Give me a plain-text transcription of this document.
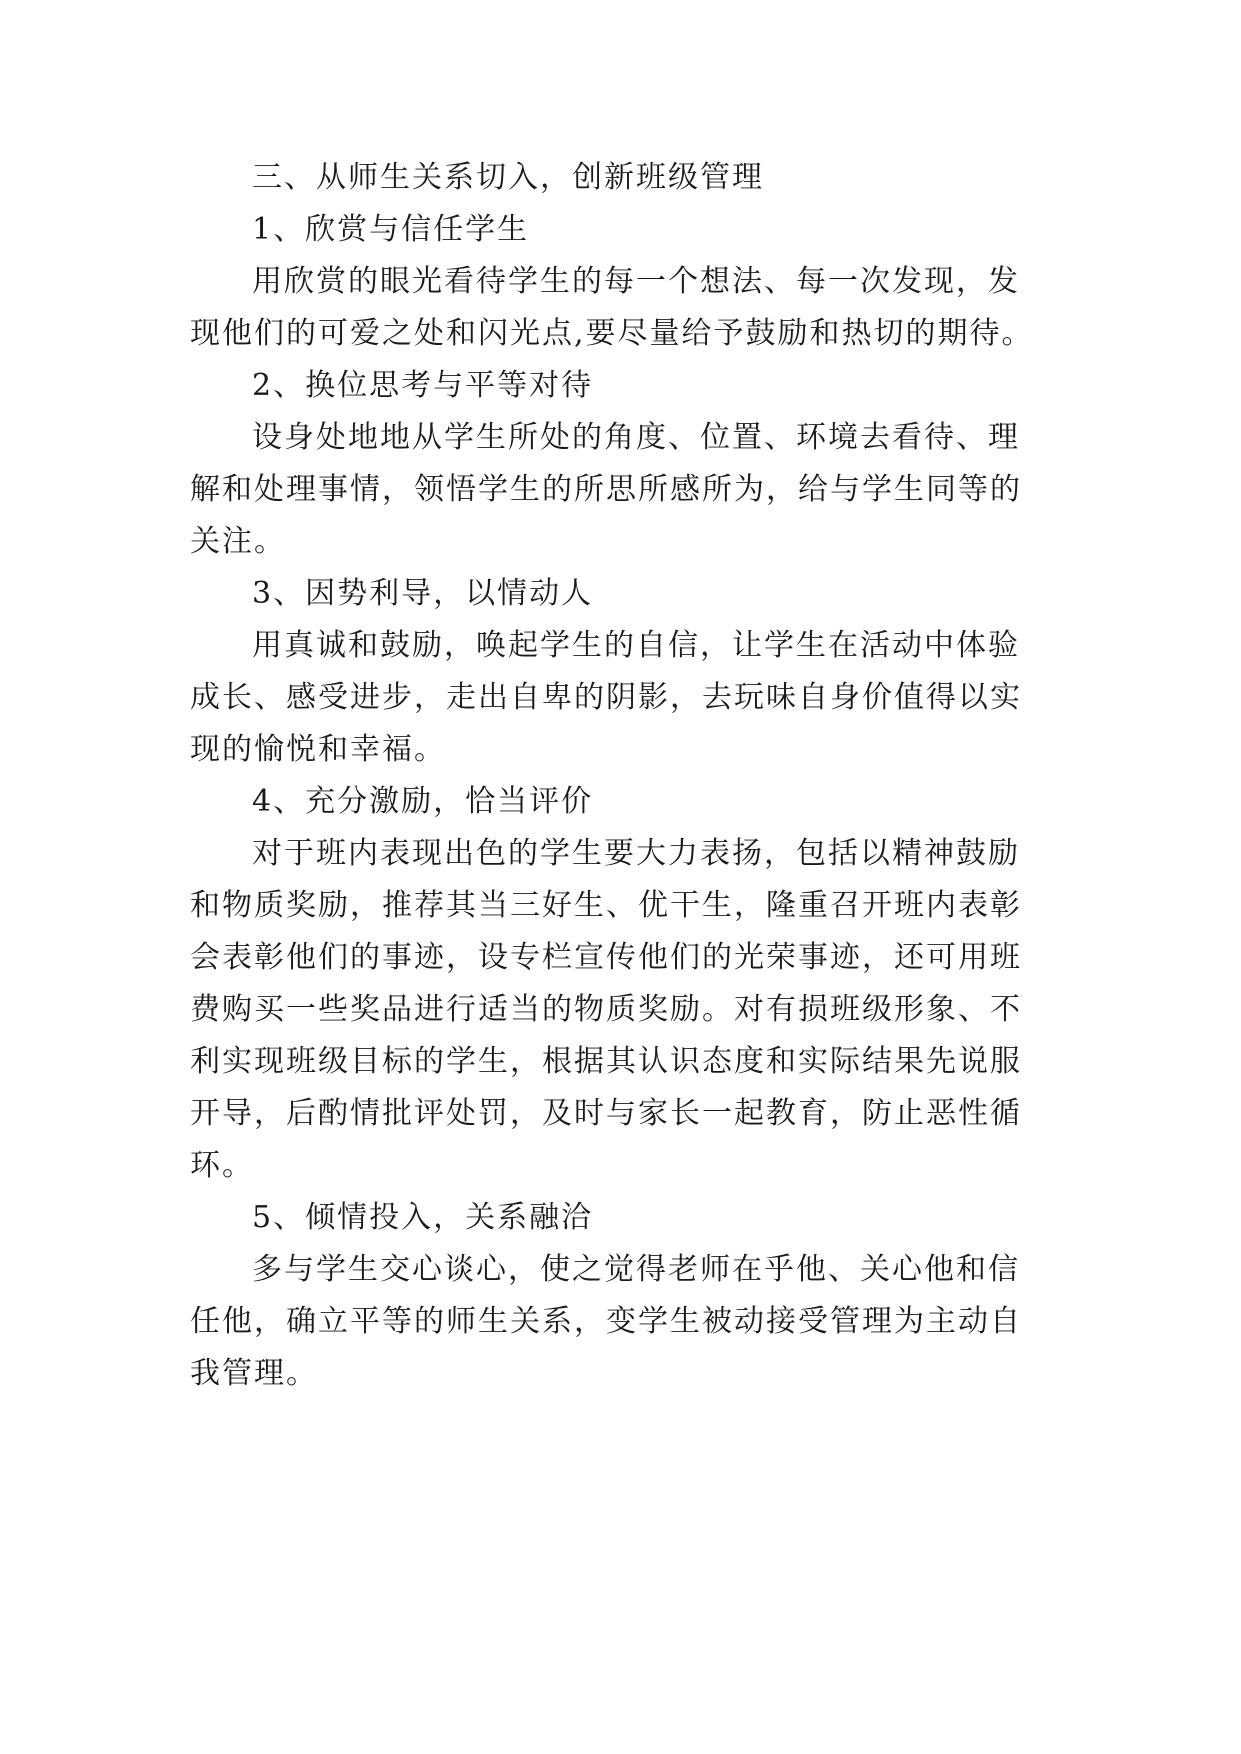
三、从师生关系切入，创新班级管理
1、欣赏与信任学生
用欣赏的眼光看待学生的每一个想法、每一次发现，发
现他们的可爱之处和闪光点,要尽量给予鼓励和热切的期待。
2、换位思考与平等对待
设身处地地从学生所处的角度、位置、环境去看待、理
解和处理事情，领悟学生的所思所感所为，给与学生同等的
关注。
3、因势利导，以情动人
用真诚和鼓励，唤起学生的自信，让学生在活动中体验
成长、感受进步，走出自卑的阴影，去玩味自身价值得以实
现的愉悦和幸福。
4、充分激励，恰当评价
对于班内表现出色的学生要大力表扬，包括以精神鼓励
和物质奖励，推荐其当三好生、优干生，隆重召开班内表彰
会表彰他们的事迹，设专栏宣传他们的光荣事迹，还可用班
费购买一些奖品进行适当的物质奖励。对有损班级形象、不
利实现班级目标的学生，根据其认识态度和实际结果先说服
开导，后酌情批评处罚，及时与家长一起教育，防止恶性循
环。
5、倾情投入，关系融洽
多与学生交心谈心，使之觉得老师在乎他、关心他和信
任他，确立平等的师生关系，变学生被动接受管理为主动自
我管理。
